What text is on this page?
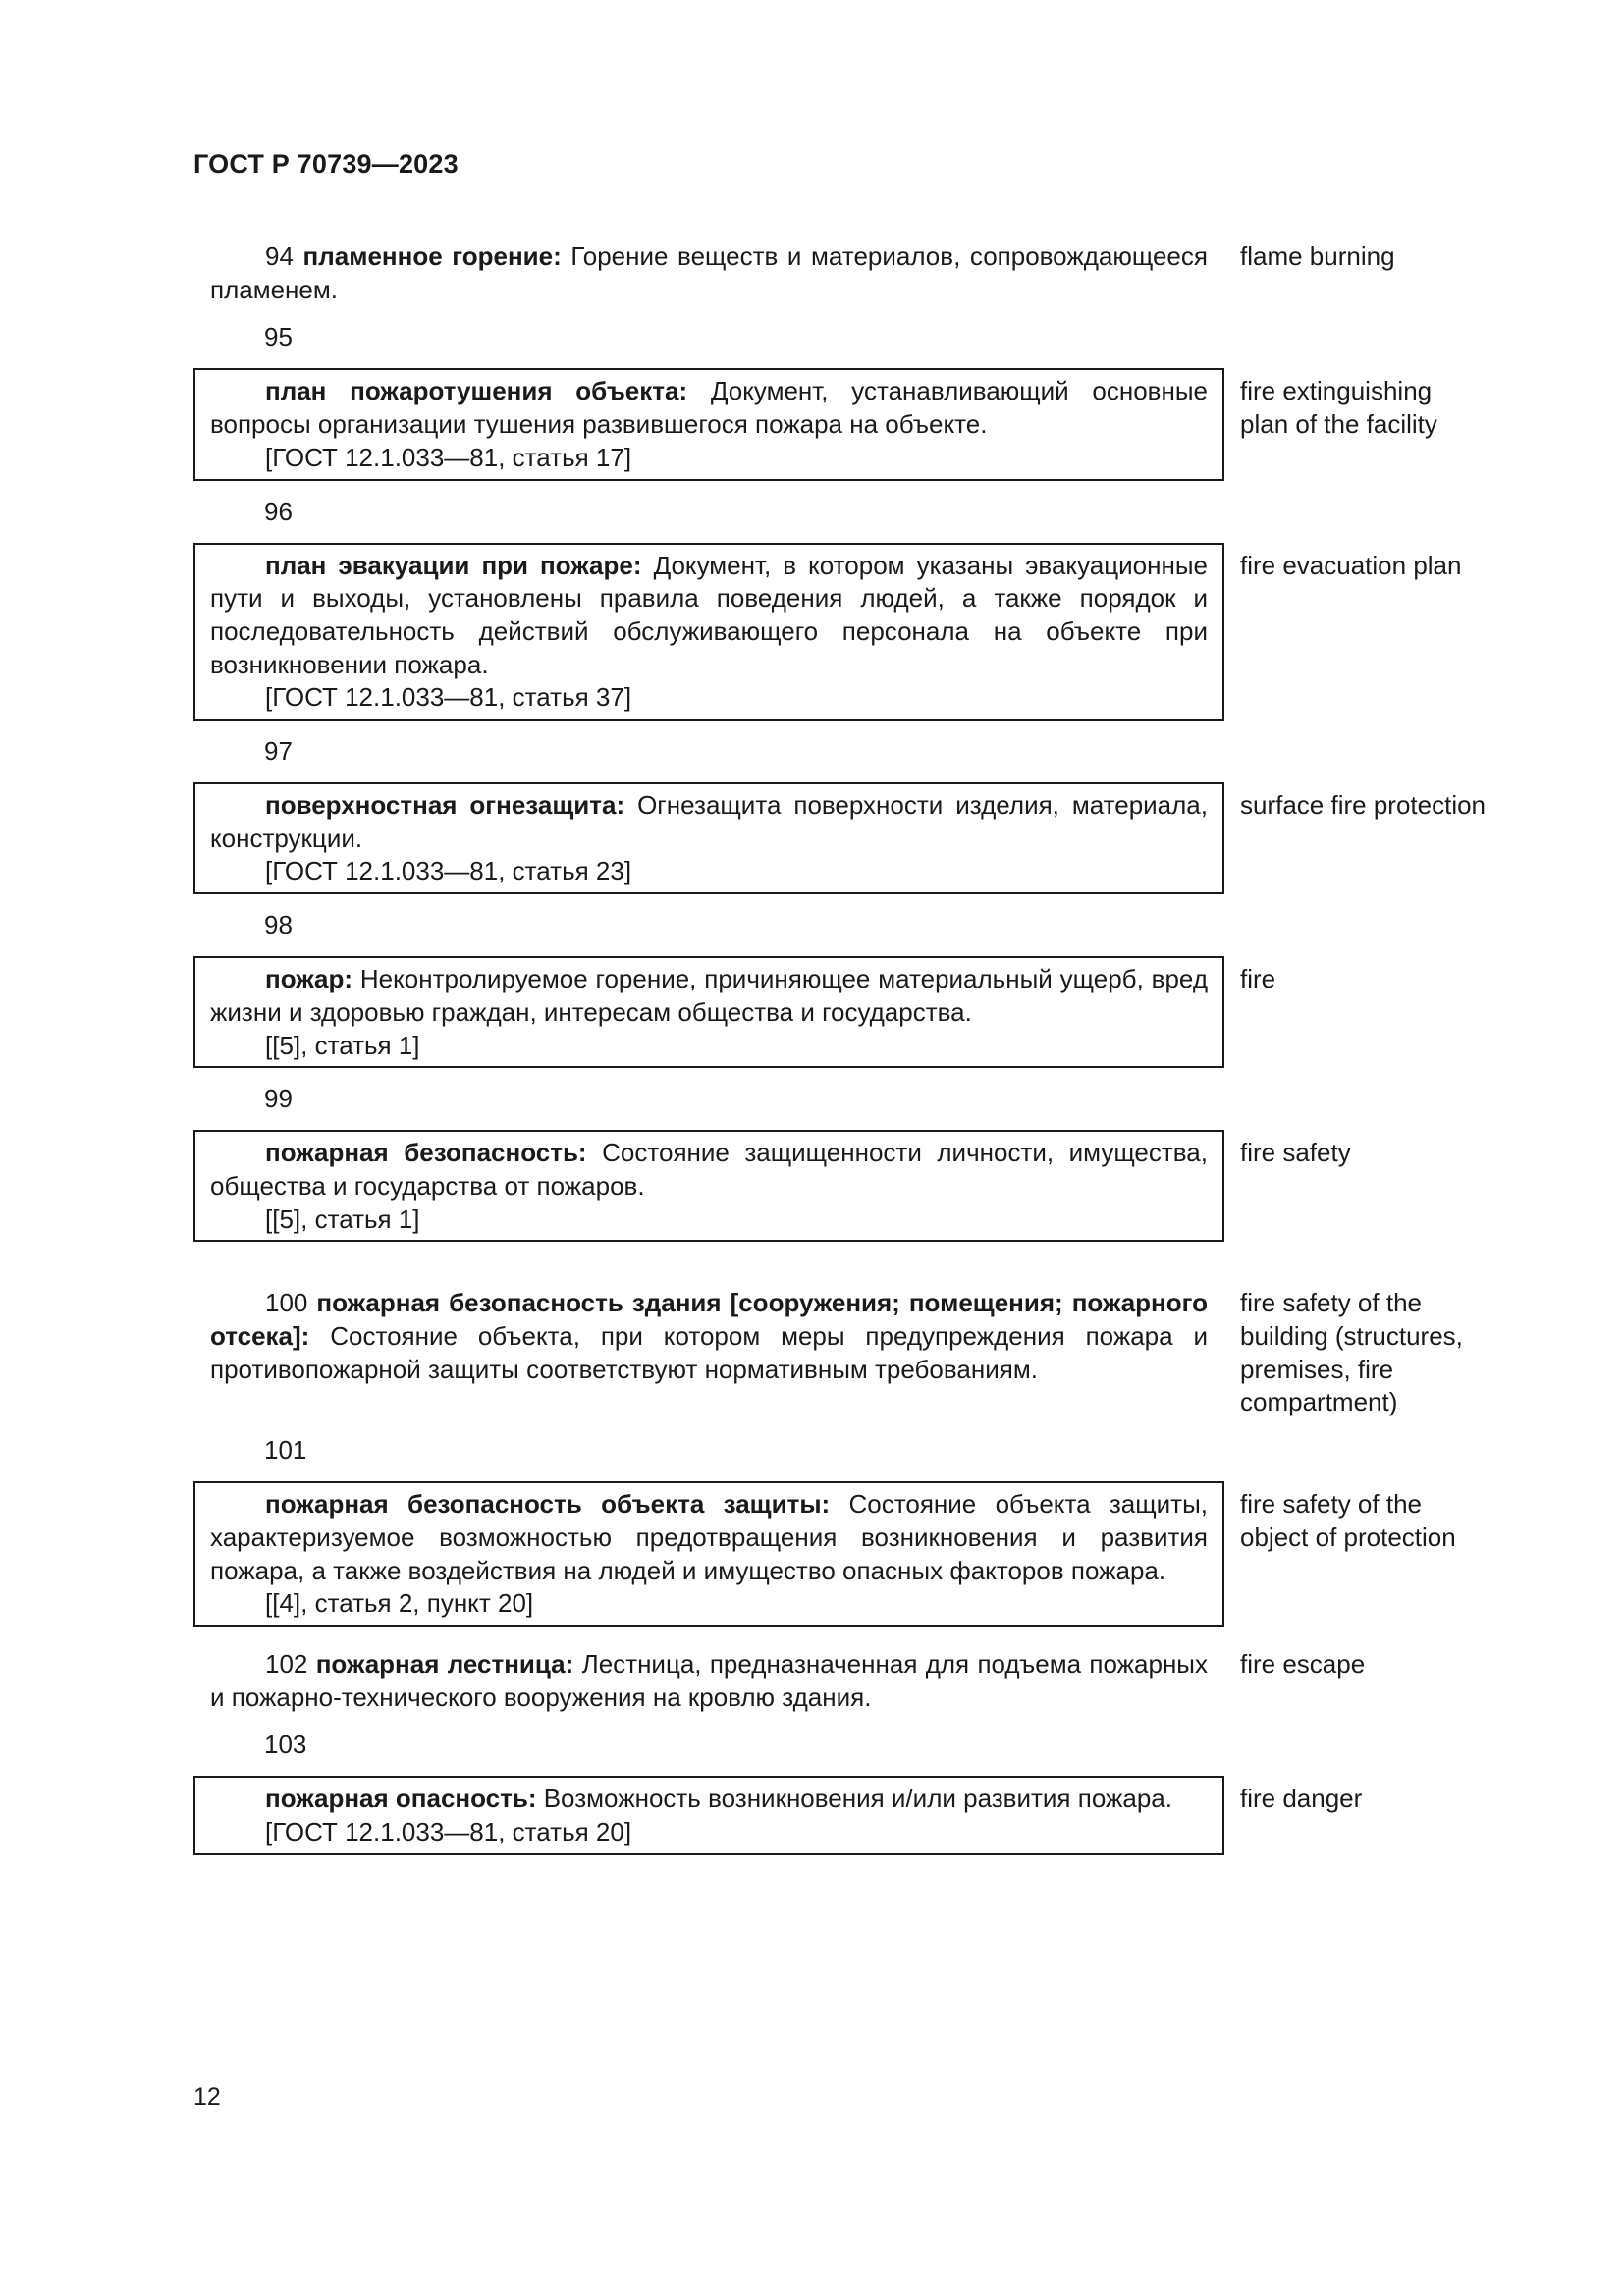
ГОСТ Р 70739—2023

94 пламенное горение: Горение веществ и материалов, сопровождающееся пламенем.

flame burning
95

план пожаротушения объекта: Документ, устанавливающий основные вопросы организации тушения развившегося пожара на объекте.

[ГОСТ 12.1.033—81, статья 17]

fire extinguishing plan of the facility
96

план эвакуации при пожаре: Документ, в котором указаны эвакуационные пути и выходы, установлены правила поведения людей, а также порядок и последовательность действий обслуживающего персонала на объекте при возникновении пожара.

[ГОСТ 12.1.033—81, статья 37]

fire evacuation plan
97

поверхностная огнезащита: Огнезащита поверхности изделия, материала, конструкции.

[ГОСТ 12.1.033—81, статья 23]

surface fire protection
98

пожар: Неконтролируемое горение, причиняющее материальный ущерб, вред жизни и здоровью граждан, интересам общества и государства.

[[5], статья 1]

fire
99

пожарная безопасность: Состояние защищенности личности, имущества, общества и государства от пожаров.

[[5], статья 1]

fire safety

100 пожарная безопасность здания [сооружения; помещения; пожарного отсека]: Состояние объекта, при котором меры предупреждения пожара и противопожарной защиты соответствуют нормативным требованиям.

fire safety of the building (structures, premises, fire compartment)
101

пожарная безопасность объекта защиты: Состояние объекта защиты, характеризуемое возможностью предотвращения возникновения и развития пожара, а также воздействия на людей и имущество опасных факторов пожара.

[[4], статья 2, пункт 20]

fire safety of the object of protection

102 пожарная лестница: Лестница, предназначенная для подъема пожарных и пожарно-технического вооружения на кровлю здания.

fire escape
103

пожарная опасность: Возможность возникновения и/или развития пожара.

[ГОСТ 12.1.033—81, статья 20]

fire danger
12
